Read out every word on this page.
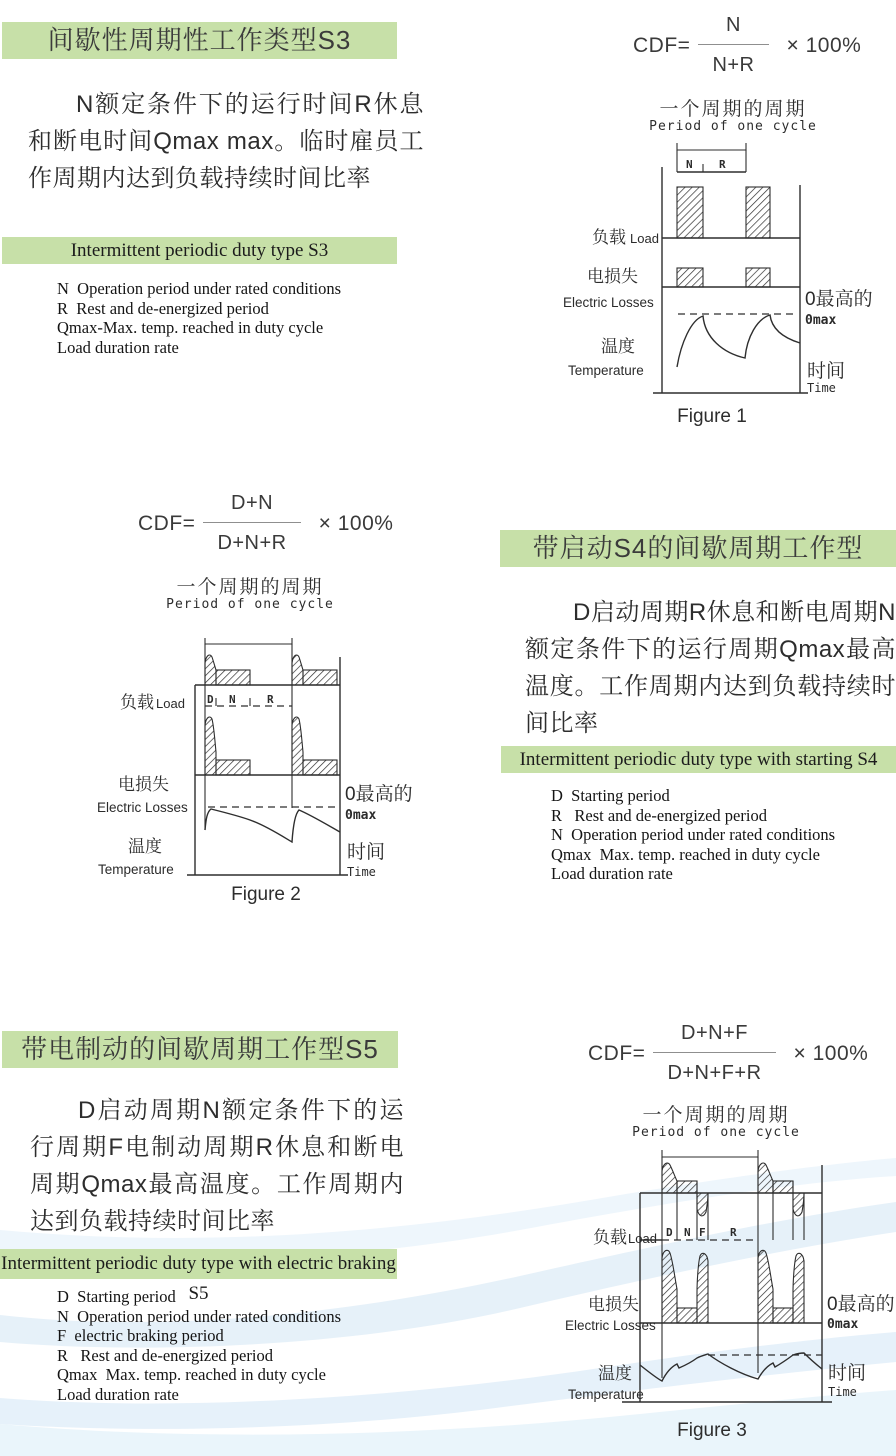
间歇性周期性工作类型S3
N额定条件下的运行时间R休息和断电时间Qmax max。临时雇员工作周期内达到负载持续时间比率
Intermittent periodic duty type S3
N  Operation period under rated conditions
R  Rest and de-energized period
Qmax-Max. temp. reached in duty cycle
Load duration rate
$CDF= \frac{N}{N+R} \times 100\%$
一个周期的周期
Period of one cycle
N R
负载 Load
电损失
Electric Losses
温度
Temperature
0最高的
0max
时间
Time
Figure 1
$CDF= \frac{D+N}{D+N+R} \times 100\%$
一个周期的周期
Period of one cycle
D N	R
负载 Load
电损失
Electric Losses
温度
Temperature
0最高的
0max
时间
Time
Figure 2
带启动S4的间歇周期工作型
D启动周期R休息和断电周期N额定条件下的运行周期Qmax最高温度。工作周期内达到负载持续时间比率
Intermittent periodic duty type with starting S4
D  Starting period
R   Rest and de-energized period
N  Operation period under rated conditions
Qmax  Max. temp. reached in duty cycle
Load duration rate
带电制动的间歇周期工作型S5
D启动周期N额定条件下的运行周期F电制动周期R休息和断电周期Qmax最高温度。工作周期内达到负载持续时间比率
Intermittent periodic duty type with electric braking S5
D  Starting period
N  Operation period under rated conditions
F  electric braking period
R   Rest and de-energized period
Qmax  Max. temp. reached in duty cycle
Load duration rate
$CDF= \frac{D+N+F}{D+N+F+R} \times 100\%$
一个周期的周期
Period of one cycle
D N F R
负载 Load
电损失
Electric Losses
温度
Temperature
0最高的
0max
时间
Time
Figure 3
